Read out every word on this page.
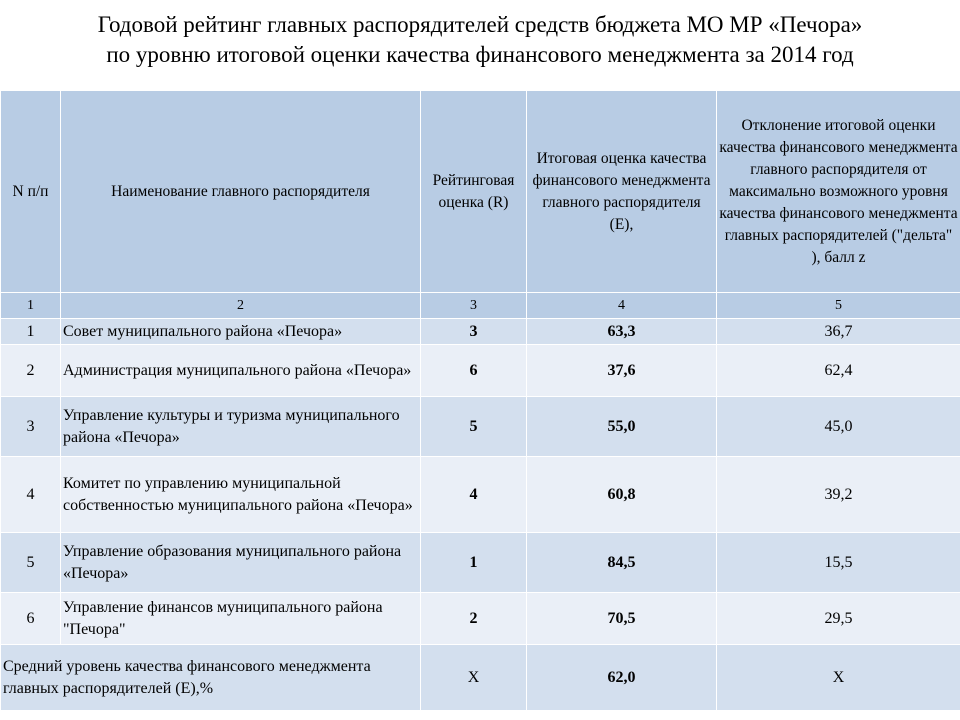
Годовой рейтинг главных распорядителей средств бюджета МО МР «Печора»
по уровню итоговой оценки качества финансового менеджмента за 2014 год
N п/п	Наименование главного распорядителя	Рейтинговая оценка (R)	Итоговая оценка качества финансового менеджмента главного распорядителя (E),	Отклонение итоговой оценки качества финансового менеджмента главного распорядителя от максимально возможного уровня качества финансового менеджмента главных распорядителей ("дельта" ), балл z
1	2	3	4	5
1	Совет муниципального района «Печора»	3	63,3	36,7
2	Администрация муниципального района «Печора»	6	37,6	62,4
3	Управление культуры и туризма муниципального района «Печора»	5	55,0	45,0
4	Комитет по управлению муниципальной собственностью муниципального района «Печора»	4	60,8	39,2
5	Управление образования муниципального района «Печора»	1	84,5	15,5
6	Управление финансов муниципального района "Печора"	2	70,5	29,5
Средний уровень качества финансового менеджмента главных распорядителей (E),%		X	62,0	X
